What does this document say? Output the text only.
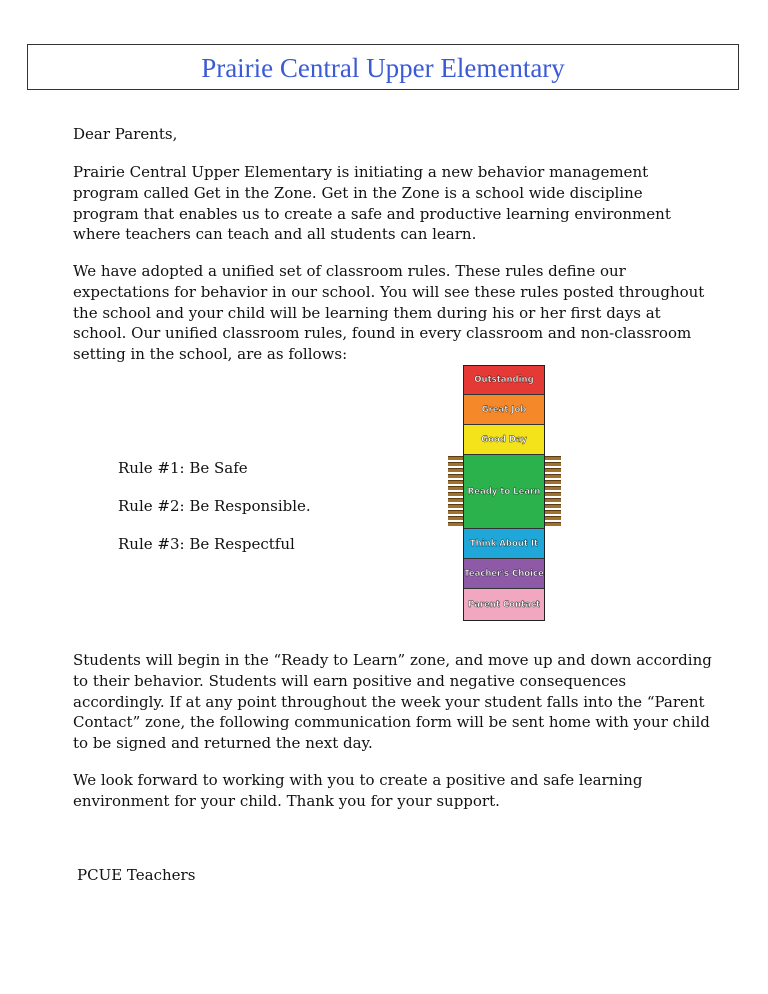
Prairie Central Upper Elementary
Dear Parents,
Prairie Central Upper Elementary is initiating a new behavior management program called Get in the Zone. Get in the Zone is a school wide discipline program that enables us to create a safe and productive learning environment where teachers can teach and all students can learn.
We have adopted a unified set of classroom rules. These rules define our expectations for behavior in our school. You will see these rules posted throughout the school and your child will be learning them during his or her first days at school. Our unified classroom rules, found in every classroom and non-classroom setting in the school, are as follows:
Rule #1: Be Safe
Rule #2: Be Responsible.
Rule #3: Be Respectful
Outstanding
Great Job
Good Day
Ready to Learn
Think About It
Teacher's Choice
Parent Contact
Students will begin in the “Ready to Learn” zone, and move up and down according to their behavior. Students will earn positive and negative consequences accordingly. If at any point throughout the week your student falls into the “Parent Contact” zone, the following communication form will be sent home with your child to be signed and returned the next day.
We look forward to working with you to create a positive and safe learning environment for your child. Thank you for your support.
PCUE Teachers
